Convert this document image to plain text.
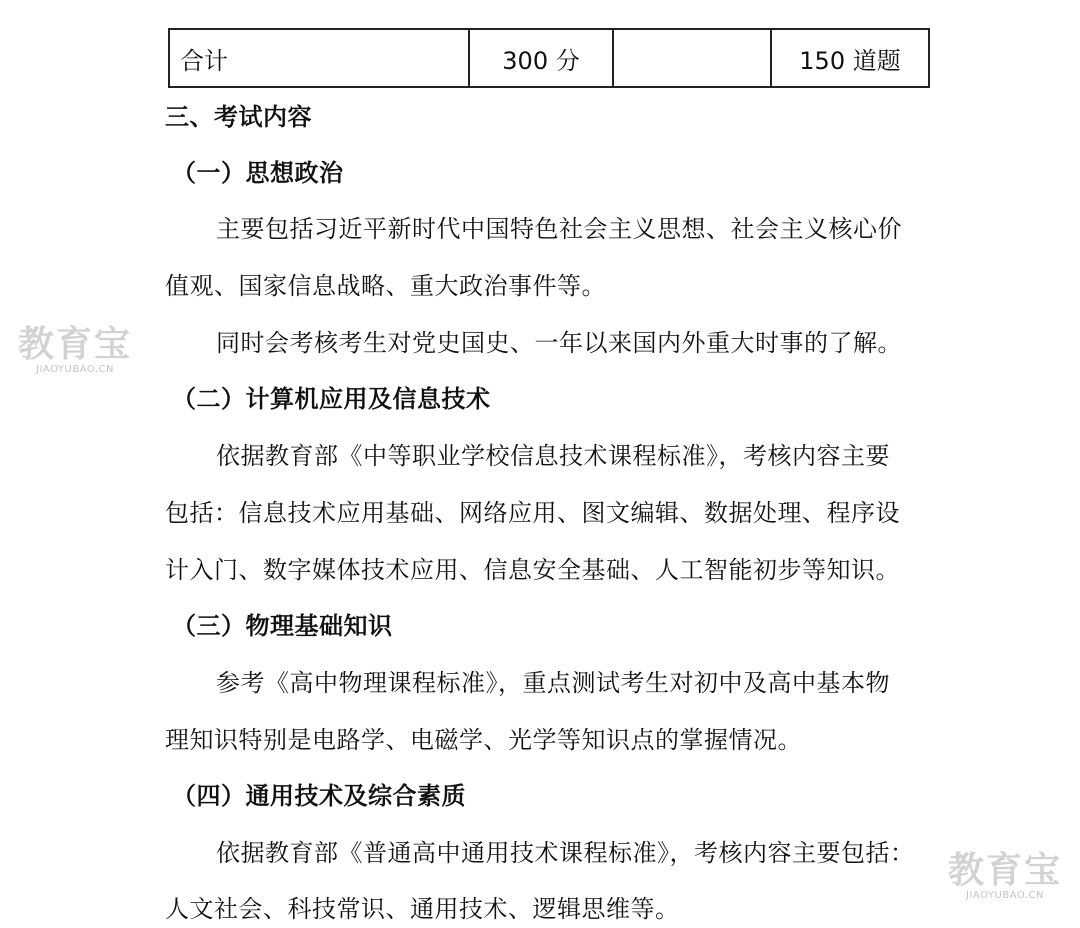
合计	300 分		150 道题
三、考试内容
（一）思想政治
主要包括习近平新时代中国特色社会主义思想、社会主义核心价
值观、国家信息战略、重大政治事件等。
同时会考核考生对党史国史、一年以来国内外重大时事的了解。
（二）计算机应用及信息技术
依据教育部《中等职业学校信息技术课程标准》，考核内容主要
包括：信息技术应用基础、网络应用、图文编辑、数据处理、程序设
计入门、数字媒体技术应用、信息安全基础、人工智能初步等知识。
（三）物理基础知识
参考《高中物理课程标准》，重点测试考生对初中及高中基本物
理知识特别是电路学、电磁学、光学等知识点的掌握情况。
（四）通用技术及综合素质
依据教育部《普通高中通用技术课程标准》，考核内容主要包括：
人文社会、科技常识、通用技术、逻辑思维等。
教育宝
JIAOYUBAO.CN
教育宝
JIAOYUBAO.CN
